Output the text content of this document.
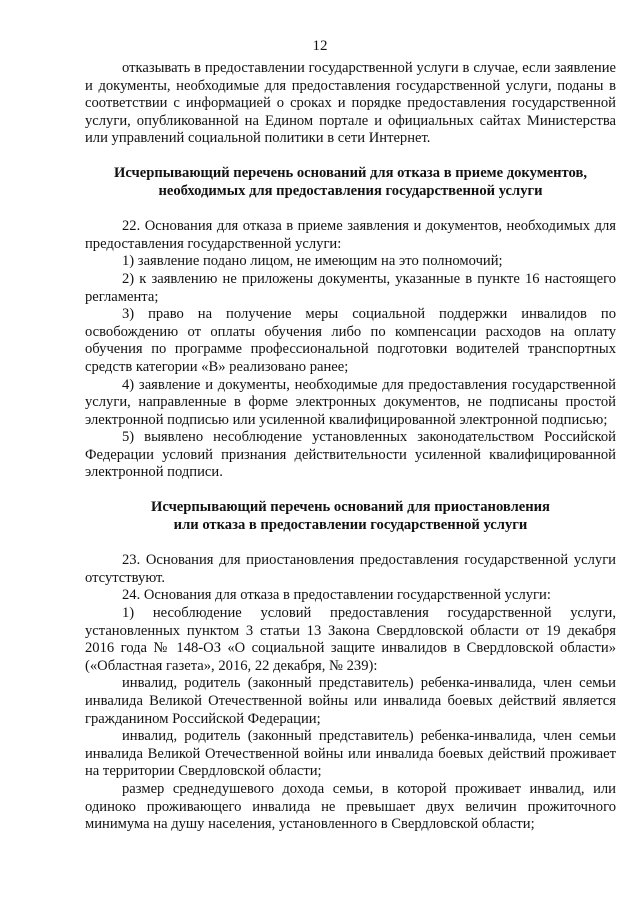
12

отказывать в предоставлении государственной услуги в случае, если заявление и документы, необходимые для предоставления государственной услуги, поданы в соответствии с информацией о сроках и порядке предоставления государственной услуги, опубликованной на Едином портале и официальных сайтах Министерства или управлений социальной политики в сети Интернет.

Исчерпывающий перечень оснований для отказа в приеме документов,

необходимых для предоставления государственной услуги

22. Основания для отказа в приеме заявления и документов, необходимых для предоставления государственной услуги:

1) заявление подано лицом, не имеющим на это полномочий;

2) к заявлению не приложены документы, указанные в пункте 16 настоящего регламента;

3) право на получение меры социальной поддержки инвалидов по освобождению от оплаты обучения либо по компенсации расходов на оплату обучения по программе профессиональной подготовки водителей транспортных средств категории «В» реализовано ранее;

4) заявление и документы, необходимые для предоставления государственной услуги, направленные в форме электронных документов, не подписаны простой электронной подписью или усиленной квалифицированной электронной подписью;

5) выявлено несоблюдение установленных законодательством Российской Федерации условий признания действительности усиленной квалифицированной электронной подписи.

Исчерпывающий перечень оснований для приостановления

или отказа в предоставлении государственной услуги

23. Основания для приостановления предоставления государственной услуги отсутствуют.

24. Основания для отказа в предоставлении государственной услуги:

1) несоблюдение условий предоставления государственной услуги, установленных пунктом 3 статьи 13 Закона Свердловской области от 19 декабря 2016 года № 148-ОЗ «О социальной защите инвалидов в Свердловской области» («Областная газета», 2016, 22 декабря, № 239):

инвалид, родитель (законный представитель) ребенка-инвалида, член семьи инвалида Великой Отечественной войны или инвалида боевых действий является гражданином Российской Федерации;

инвалид, родитель (законный представитель) ребенка-инвалида, член семьи инвалида Великой Отечественной войны или инвалида боевых действий проживает на территории Свердловской области;

размер среднедушевого дохода семьи, в которой проживает инвалид, или одиноко проживающего инвалида не превышает двух величин прожиточного минимума на душу населения, установленного в Свердловской области;
